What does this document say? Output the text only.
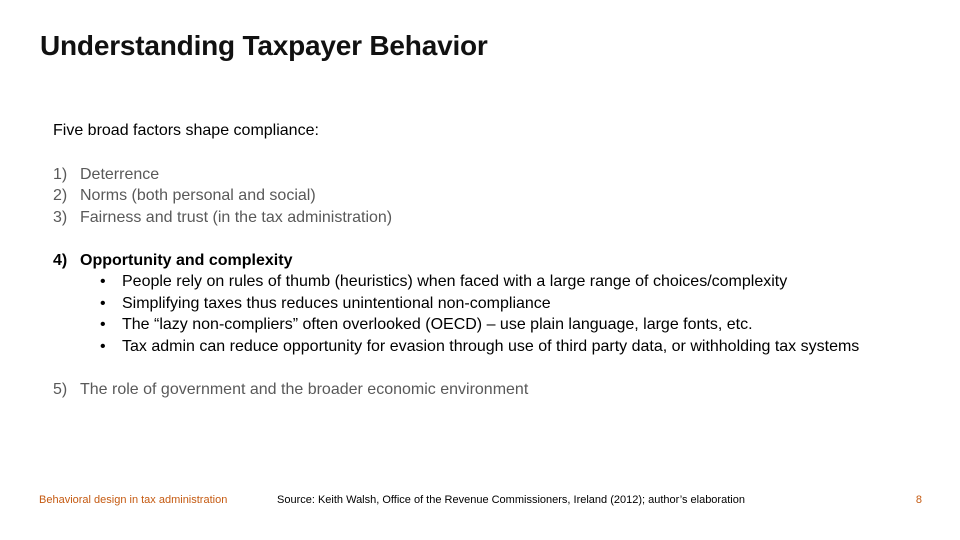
Understanding Taxpayer Behavior
Five broad factors shape compliance:
1) Deterrence
2) Norms (both personal and social)
3) Fairness and trust (in the tax administration)
4) Opportunity and complexity
•	People rely on rules of thumb (heuristics) when faced with a large range of choices/complexity
•	Simplifying taxes thus reduces unintentional non-compliance
•	The “lazy non-compliers” often overlooked (OECD) – use plain language, large fonts, etc.
•	Tax admin can reduce opportunity for evasion through use of third party data, or withholding tax systems
5) The role of government and the broader economic environment
Behavioral design in tax administration	Source: Keith Walsh, Office of the Revenue Commissioners, Ireland (2012); author’s elaboration	8
